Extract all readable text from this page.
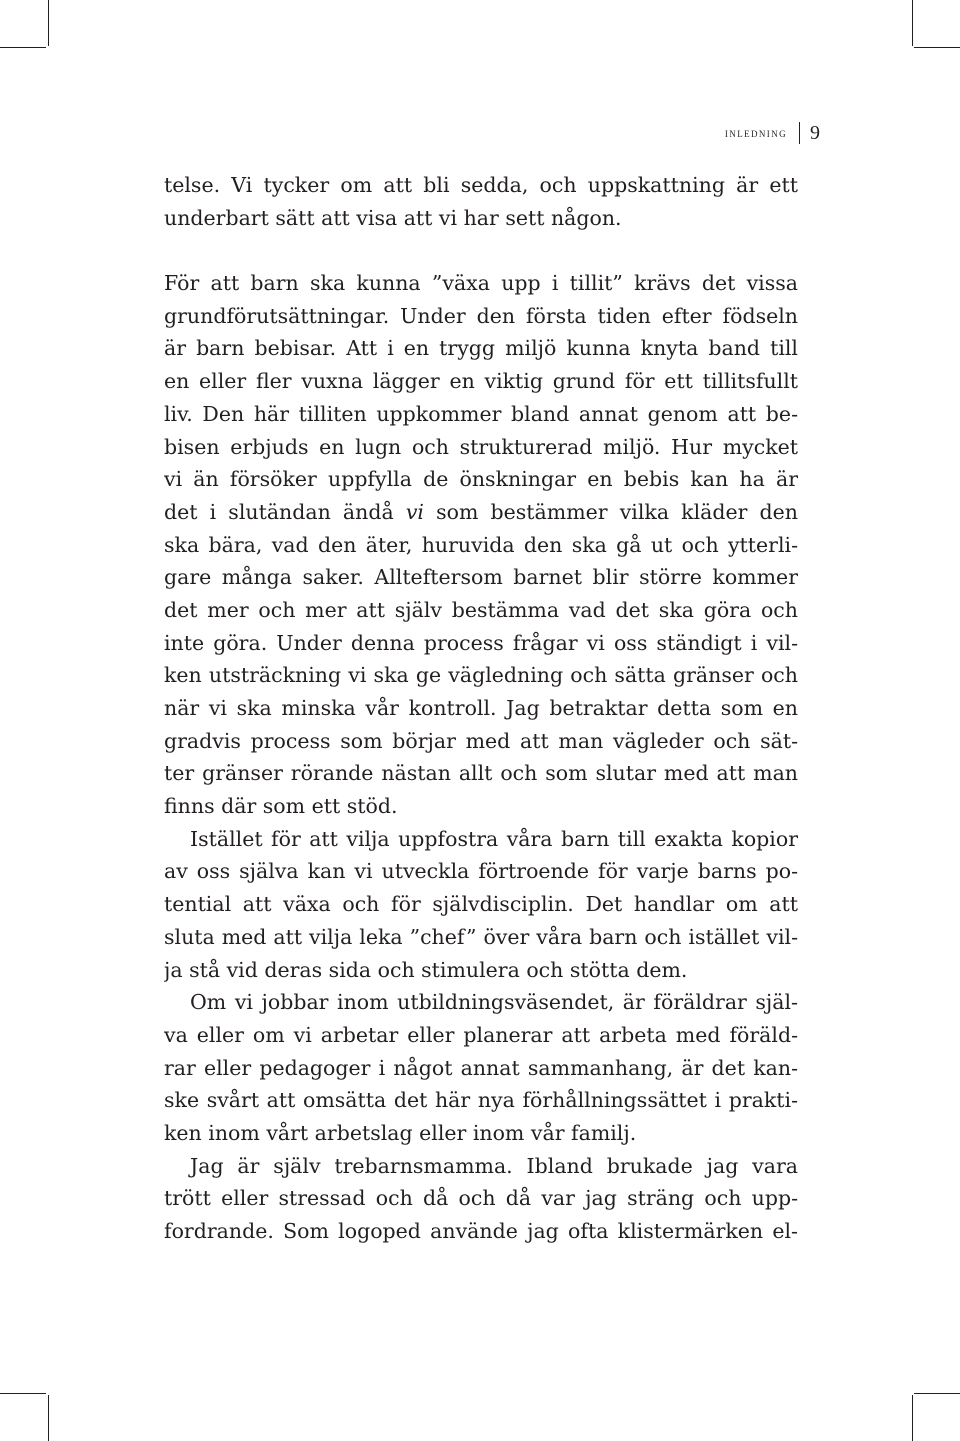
inledning 9
telse. Vi tycker om att bli sedda, och uppskattning är ett
underbart sätt att visa att vi har sett någon.
För att barn ska kunna ”växa upp i tillit” krävs det vissa
grundförutsättningar. Under den första tiden efter födseln
är barn bebisar. Att i en trygg miljö kunna knyta band till
en eller fler vuxna lägger en viktig grund för ett tillitsfullt
liv. Den här tilliten uppkommer bland annat genom att be-
bisen erbjuds en lugn och strukturerad miljö. Hur mycket
vi än försöker uppfylla de önskningar en bebis kan ha är
det i slutändan ändå vi som bestämmer vilka kläder den
ska bära, vad den äter, huruvida den ska gå ut och ytterli-
gare många saker. Allteftersom barnet blir större kommer
det mer och mer att själv bestämma vad det ska göra och
inte göra. Under denna process frågar vi oss ständigt i vil-
ken utsträckning vi ska ge vägledning och sätta gränser och
när vi ska minska vår kontroll. Jag betraktar detta som en
gradvis process som börjar med att man vägleder och sät-
ter gränser rörande nästan allt och som slutar med att man
finns där som ett stöd.
Istället för att vilja uppfostra våra barn till exakta kopior
av oss själva kan vi utveckla förtroende för varje barns po-
tential att växa och för självdisciplin. Det handlar om att
sluta med att vilja leka ”chef” över våra barn och istället vil-
ja stå vid deras sida och stimulera och stötta dem.
Om vi jobbar inom utbildningsväsendet, är föräldrar själ-
va eller om vi arbetar eller planerar att arbeta med föräld-
rar eller pedagoger i något annat sammanhang, är det kan-
ske svårt att omsätta det här nya förhållningssättet i prakti-
ken inom vårt arbetslag eller inom vår familj.
Jag är själv trebarnsmamma. Ibland brukade jag vara
trött eller stressad och då och då var jag sträng och upp-
fordrande. Som logoped använde jag ofta klistermärken el-
